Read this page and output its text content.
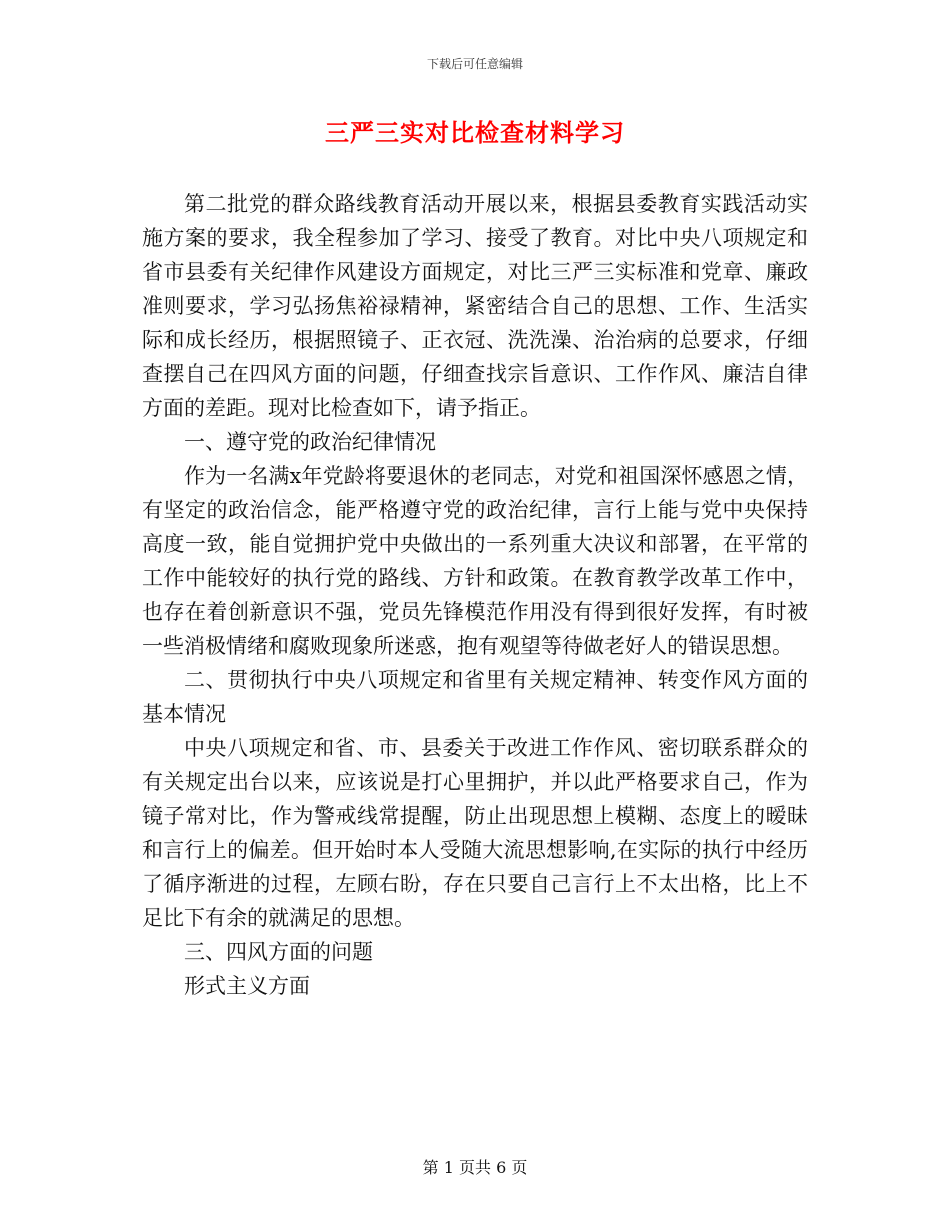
下载后可任意编辑
三严三实对比检查材料学习

第二批党的群众路线教育活动开展以来，根据县委教育实践活动实施方案的要求，我全程参加了学习、接受了教育。对比中央八项规定和省市县委有关纪律作风建设方面规定，对比三严三实标准和党章、廉政准则要求，学习弘扬焦裕禄精神，紧密结合自己的思想、工作、生活实际和成长经历，根据照镜子、正衣冠、洗洗澡、治治病的总要求，仔细查摆自己在四风方面的问题，仔细查找宗旨意识、工作作风、廉洁自律方面的差距。现对比检查如下，请予指正。

一、遵守党的政治纪律情况

作为一名满x年党龄将要退休的老同志，对党和祖国深怀感恩之情，有坚定的政治信念，能严格遵守党的政治纪律，言行上能与党中央保持高度一致，能自觉拥护党中央做出的一系列重大决议和部署，在平常的工作中能较好的执行党的路线、方针和政策。在教育教学改革工作中，也存在着创新意识不强，党员先锋模范作用没有得到很好发挥，有时被一些消极情绪和腐败现象所迷惑，抱有观望等待做老好人的错误思想。

二、贯彻执行中央八项规定和省里有关规定精神、转变作风方面的基本情况

中央八项规定和省、市、县委关于改进工作作风、密切联系群众的有关规定出台以来，应该说是打心里拥护，并以此严格要求自己，作为镜子常对比，作为警戒线常提醒，防止出现思想上模糊、态度上的暧昧和言行上的偏差。但开始时本人受随大流思想影响,在实际的执行中经历了循序渐进的过程，左顾右盼，存在只要自己言行上不太出格，比上不足比下有余的就满足的思想。

三、四风方面的问题

形式主义方面

第 1 页共 6 页
